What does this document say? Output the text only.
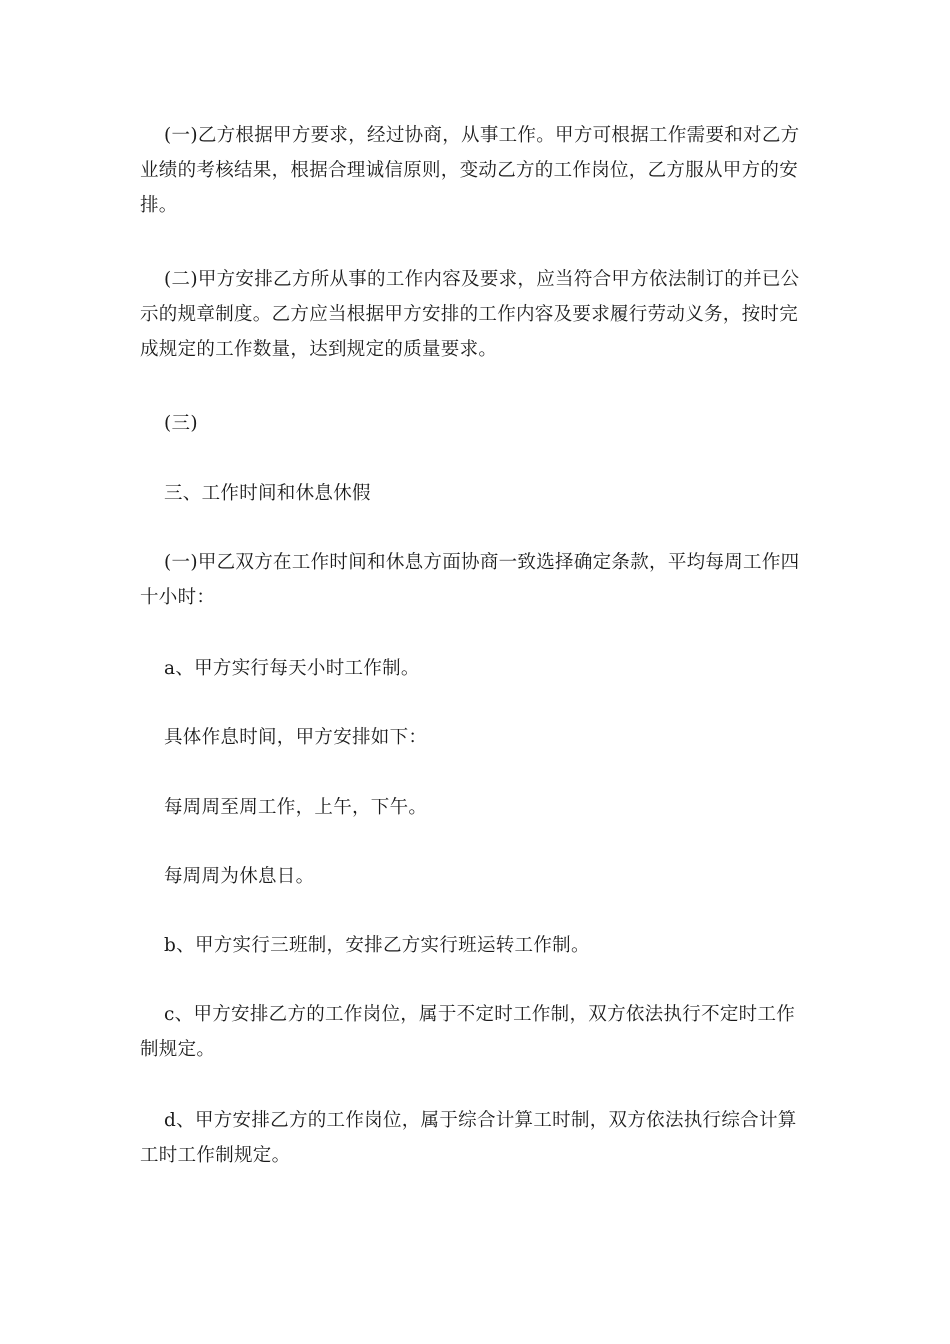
(一)乙方根据甲方要求，经过协商，从事工作。甲方可根据工作需要和对乙方业绩的考核结果，根据合理诚信原则，变动乙方的工作岗位，乙方服从甲方的安排。

(二)甲方安排乙方所从事的工作内容及要求，应当符合甲方依法制订的并已公示的规章制度。乙方应当根据甲方安排的工作内容及要求履行劳动义务，按时完成规定的工作数量，达到规定的质量要求。

(三)

三、工作时间和休息休假

(一)甲乙双方在工作时间和休息方面协商一致选择确定条款，平均每周工作四十小时：

a、甲方实行每天小时工作制。

具体作息时间，甲方安排如下：

每周周至周工作，上午，下午。

每周周为休息日。

b、甲方实行三班制，安排乙方实行班运转工作制。

c、甲方安排乙方的工作岗位，属于不定时工作制，双方依法执行不定时工作制规定。

d、甲方安排乙方的工作岗位，属于综合计算工时制，双方依法执行综合计算工时工作制规定。
